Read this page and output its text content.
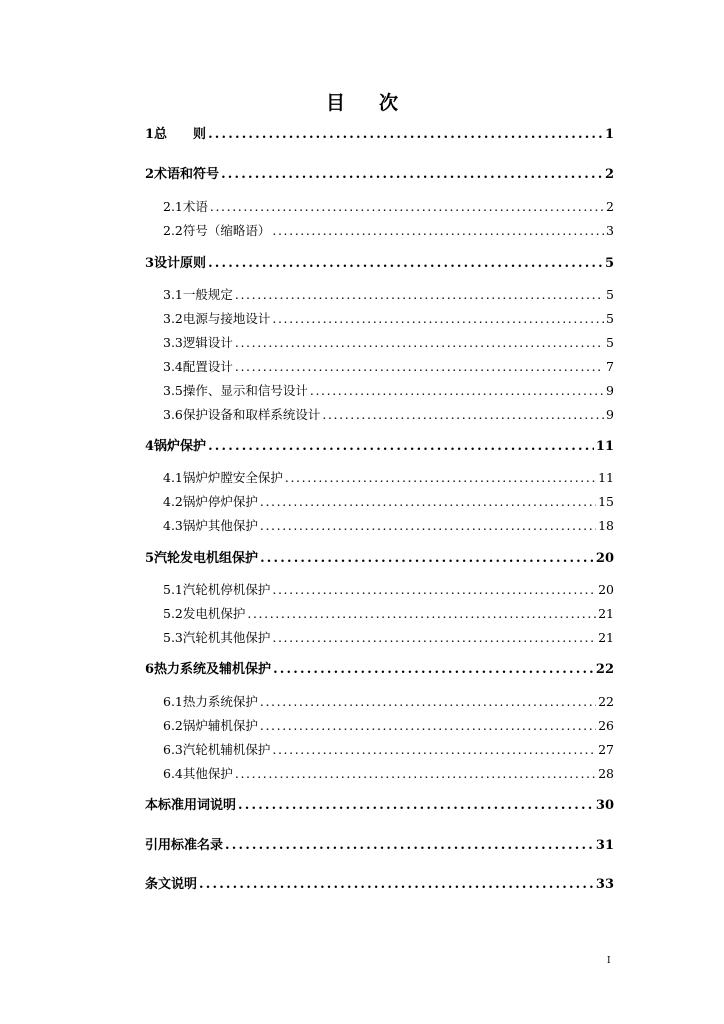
目 次
1 总　　则 .....	1
2 术语和符号 .....	2
2.1 术语 .....	2
2.2 符号（缩略语） .....	3
3 设计原则 .....	5
3.1 一般规定 .....	5
3.2 电源与接地设计 .....	5
3.3 逻辑设计 .....	5
3.4 配置设计 .....	7
3.5 操作、显示和信号设计 .....	9
3.6 保护设备和取样系统设计 .....	9
4 锅炉保护 .....	11
4.1 锅炉炉膛安全保护 .....	11
4.2 锅炉停炉保护 .....	15
4.3 锅炉其他保护 .....	18
5 汽轮发电机组保护 .....	20
5.1 汽轮机停机保护 .....	20
5.2 发电机保护 .....	21
5.3 汽轮机其他保护 .....	21
6 热力系统及辅机保护 .....	22
6.1 热力系统保护 .....	22
6.2 锅炉辅机保护 .....	26
6.3 汽轮机辅机保护 .....	27
6.4 其他保护 .....	28
本标准用词说明 .....	30
引用标准名录 .....	31
条文说明 .....	33
I
